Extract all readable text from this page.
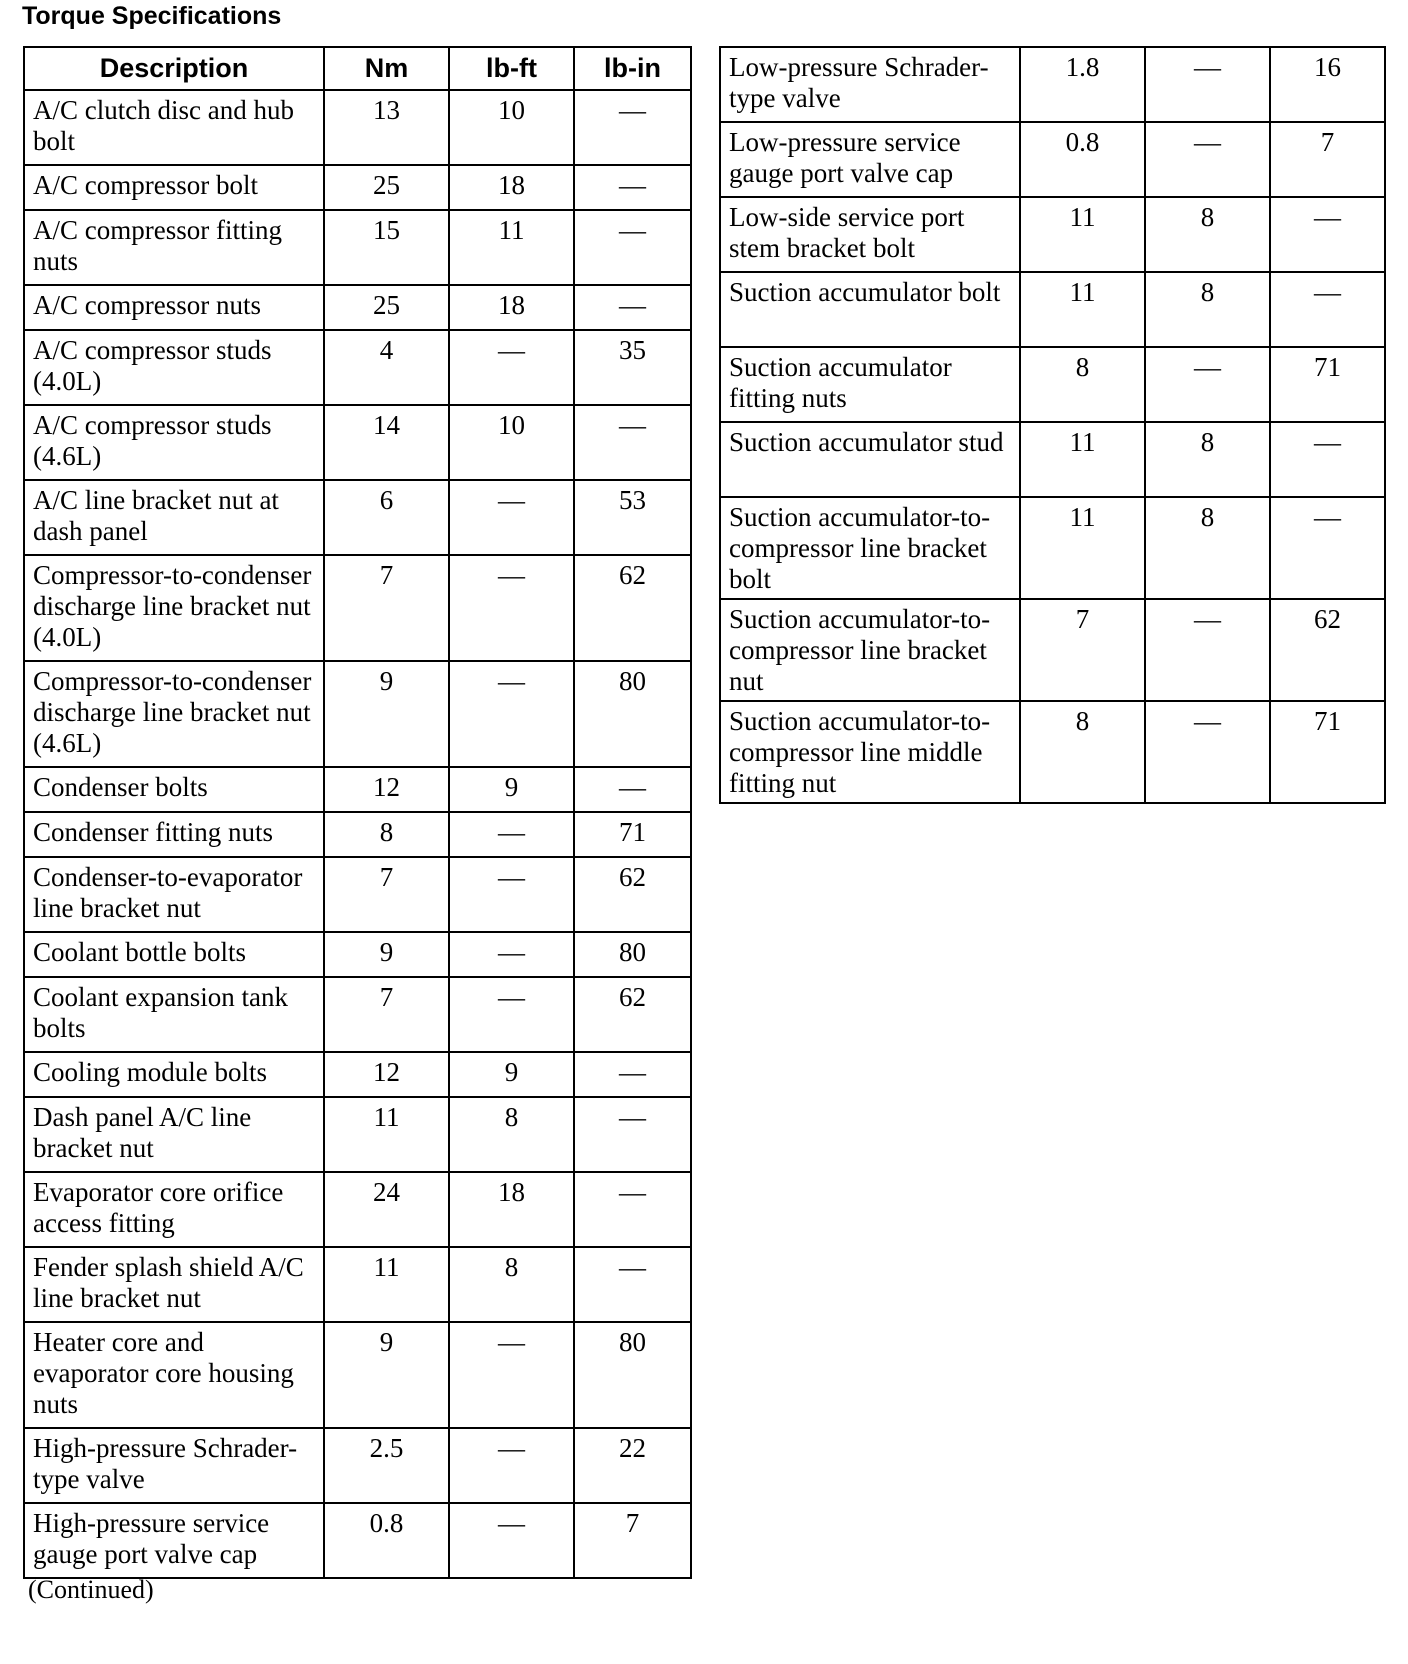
Torque Specifications
Description	Nm	lb-ft	lb-in
A/C clutch disc and hub bolt	13	10	—
A/C compressor bolt	25	18	—
A/C compressor fitting nuts	15	11	—
A/C compressor nuts	25	18	—
A/C compressor studs (4.0L)	4	—	35
A/C compressor studs (4.6L)	14	10	—
A/C line bracket nut at dash panel	6	—	53
Compressor-to-condenser discharge line bracket nut (4.0L)	7	—	62
Compressor-to-condenser discharge line bracket nut (4.6L)	9	—	80
Condenser bolts	12	9	—
Condenser fitting nuts	8	—	71
Condenser-to-evaporator line bracket nut	7	—	62
Coolant bottle bolts	9	—	80
Coolant expansion tank bolts	7	—	62
Cooling module bolts	12	9	—
Dash panel A/C line bracket nut	11	8	—
Evaporator core orifice access fitting	24	18	—
Fender splash shield A/C line bracket nut	11	8	—
Heater core and evaporator core housing nuts	9	—	80
High-pressure Schrader-type valve	2.5	—	22
High-pressure service gauge port valve cap	0.8	—	7
Low-pressure Schrader-type valve	1.8	—	16
Low-pressure service gauge port valve cap	0.8	—	7
Low-side service port stem bracket bolt	11	8	—
Suction accumulator bolt	11	8	—
Suction accumulator fitting nuts	8	—	71
Suction accumulator stud	11	8	—
Suction accumulator-to-compressor line bracket bolt	11	8	—
Suction accumulator-to-compressor line bracket nut	7	—	62
Suction accumulator-to-compressor line middle fitting nut	8	—	71
(Continued)
